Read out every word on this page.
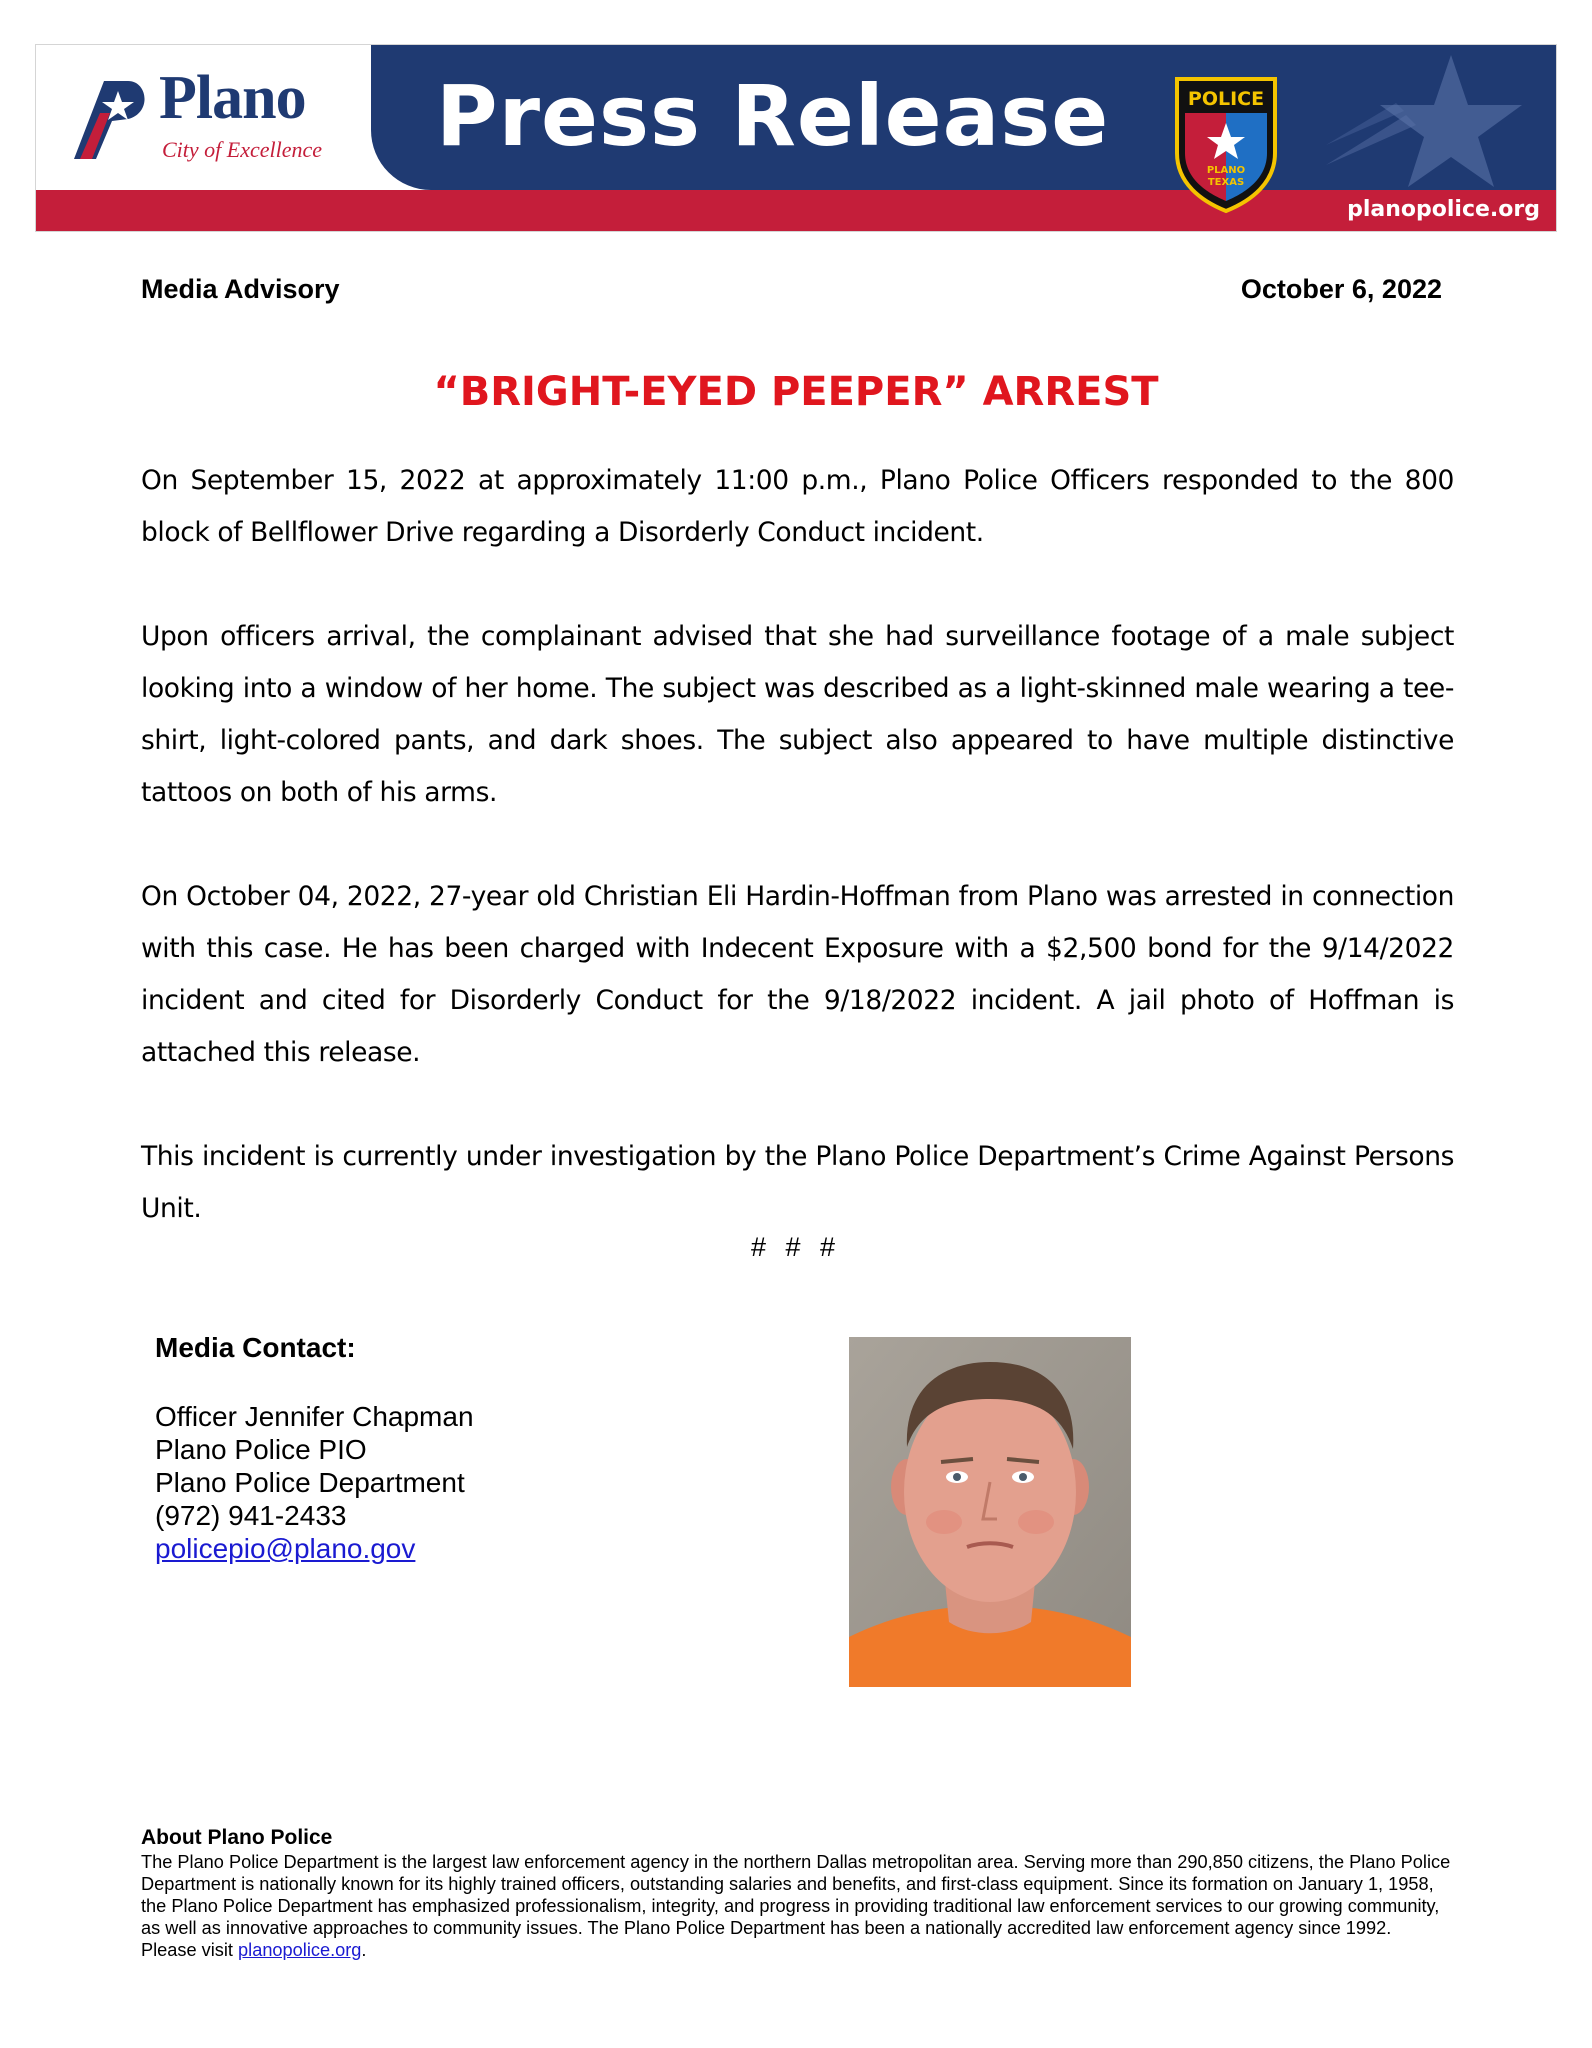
Plano
City of Excellence Press Release	POLICE
PLANO
TEXAS
planopolice.org
Media Advisory	October 6, 2022
“BRIGHT-EYED PEEPER” ARREST

On September 15, 2022 at approximately 11:00 p.m., Plano Police Officers responded to the 800 block of Bellflower Drive regarding a Disorderly Conduct incident.

Upon officers arrival, the complainant advised that she had surveillance footage of a male subject looking into a window of her home. The subject was described as a light-skinned male wearing a tee-shirt, light-colored pants, and dark shoes. The subject also appeared to have multiple distinctive tattoos on both of his arms.

On October 04, 2022, 27-year old Christian Eli Hardin-Hoffman from Plano was arrested in connection with this case. He has been charged with Indecent Exposure with a $2,500 bond for the 9/14/2022 incident and cited for Disorderly Conduct for the 9/18/2022 incident. A jail photo of Hoffman is attached this release.

This incident is currently under investigation by the Plano Police Department’s Crime Against Persons Unit.

# # #
Media Contact:
Officer Jennifer Chapman
Plano Police PIO
Plano Police Department
(972) 941-2433
policepio@plano.gov
About Plano Police
The Plano Police Department is the largest law enforcement agency in the northern Dallas metropolitan area. Serving more than 290,850 citizens, the Plano Police Department is nationally known for its highly trained officers, outstanding salaries and benefits, and first-class equipment. Since its formation on January 1, 1958, the Plano Police Department has emphasized professionalism, integrity, and progress in providing traditional law enforcement services to our growing community, as well as innovative approaches to community issues. The Plano Police Department has been a nationally accredited law enforcement agency since 1992. Please visit planopolice.org.
